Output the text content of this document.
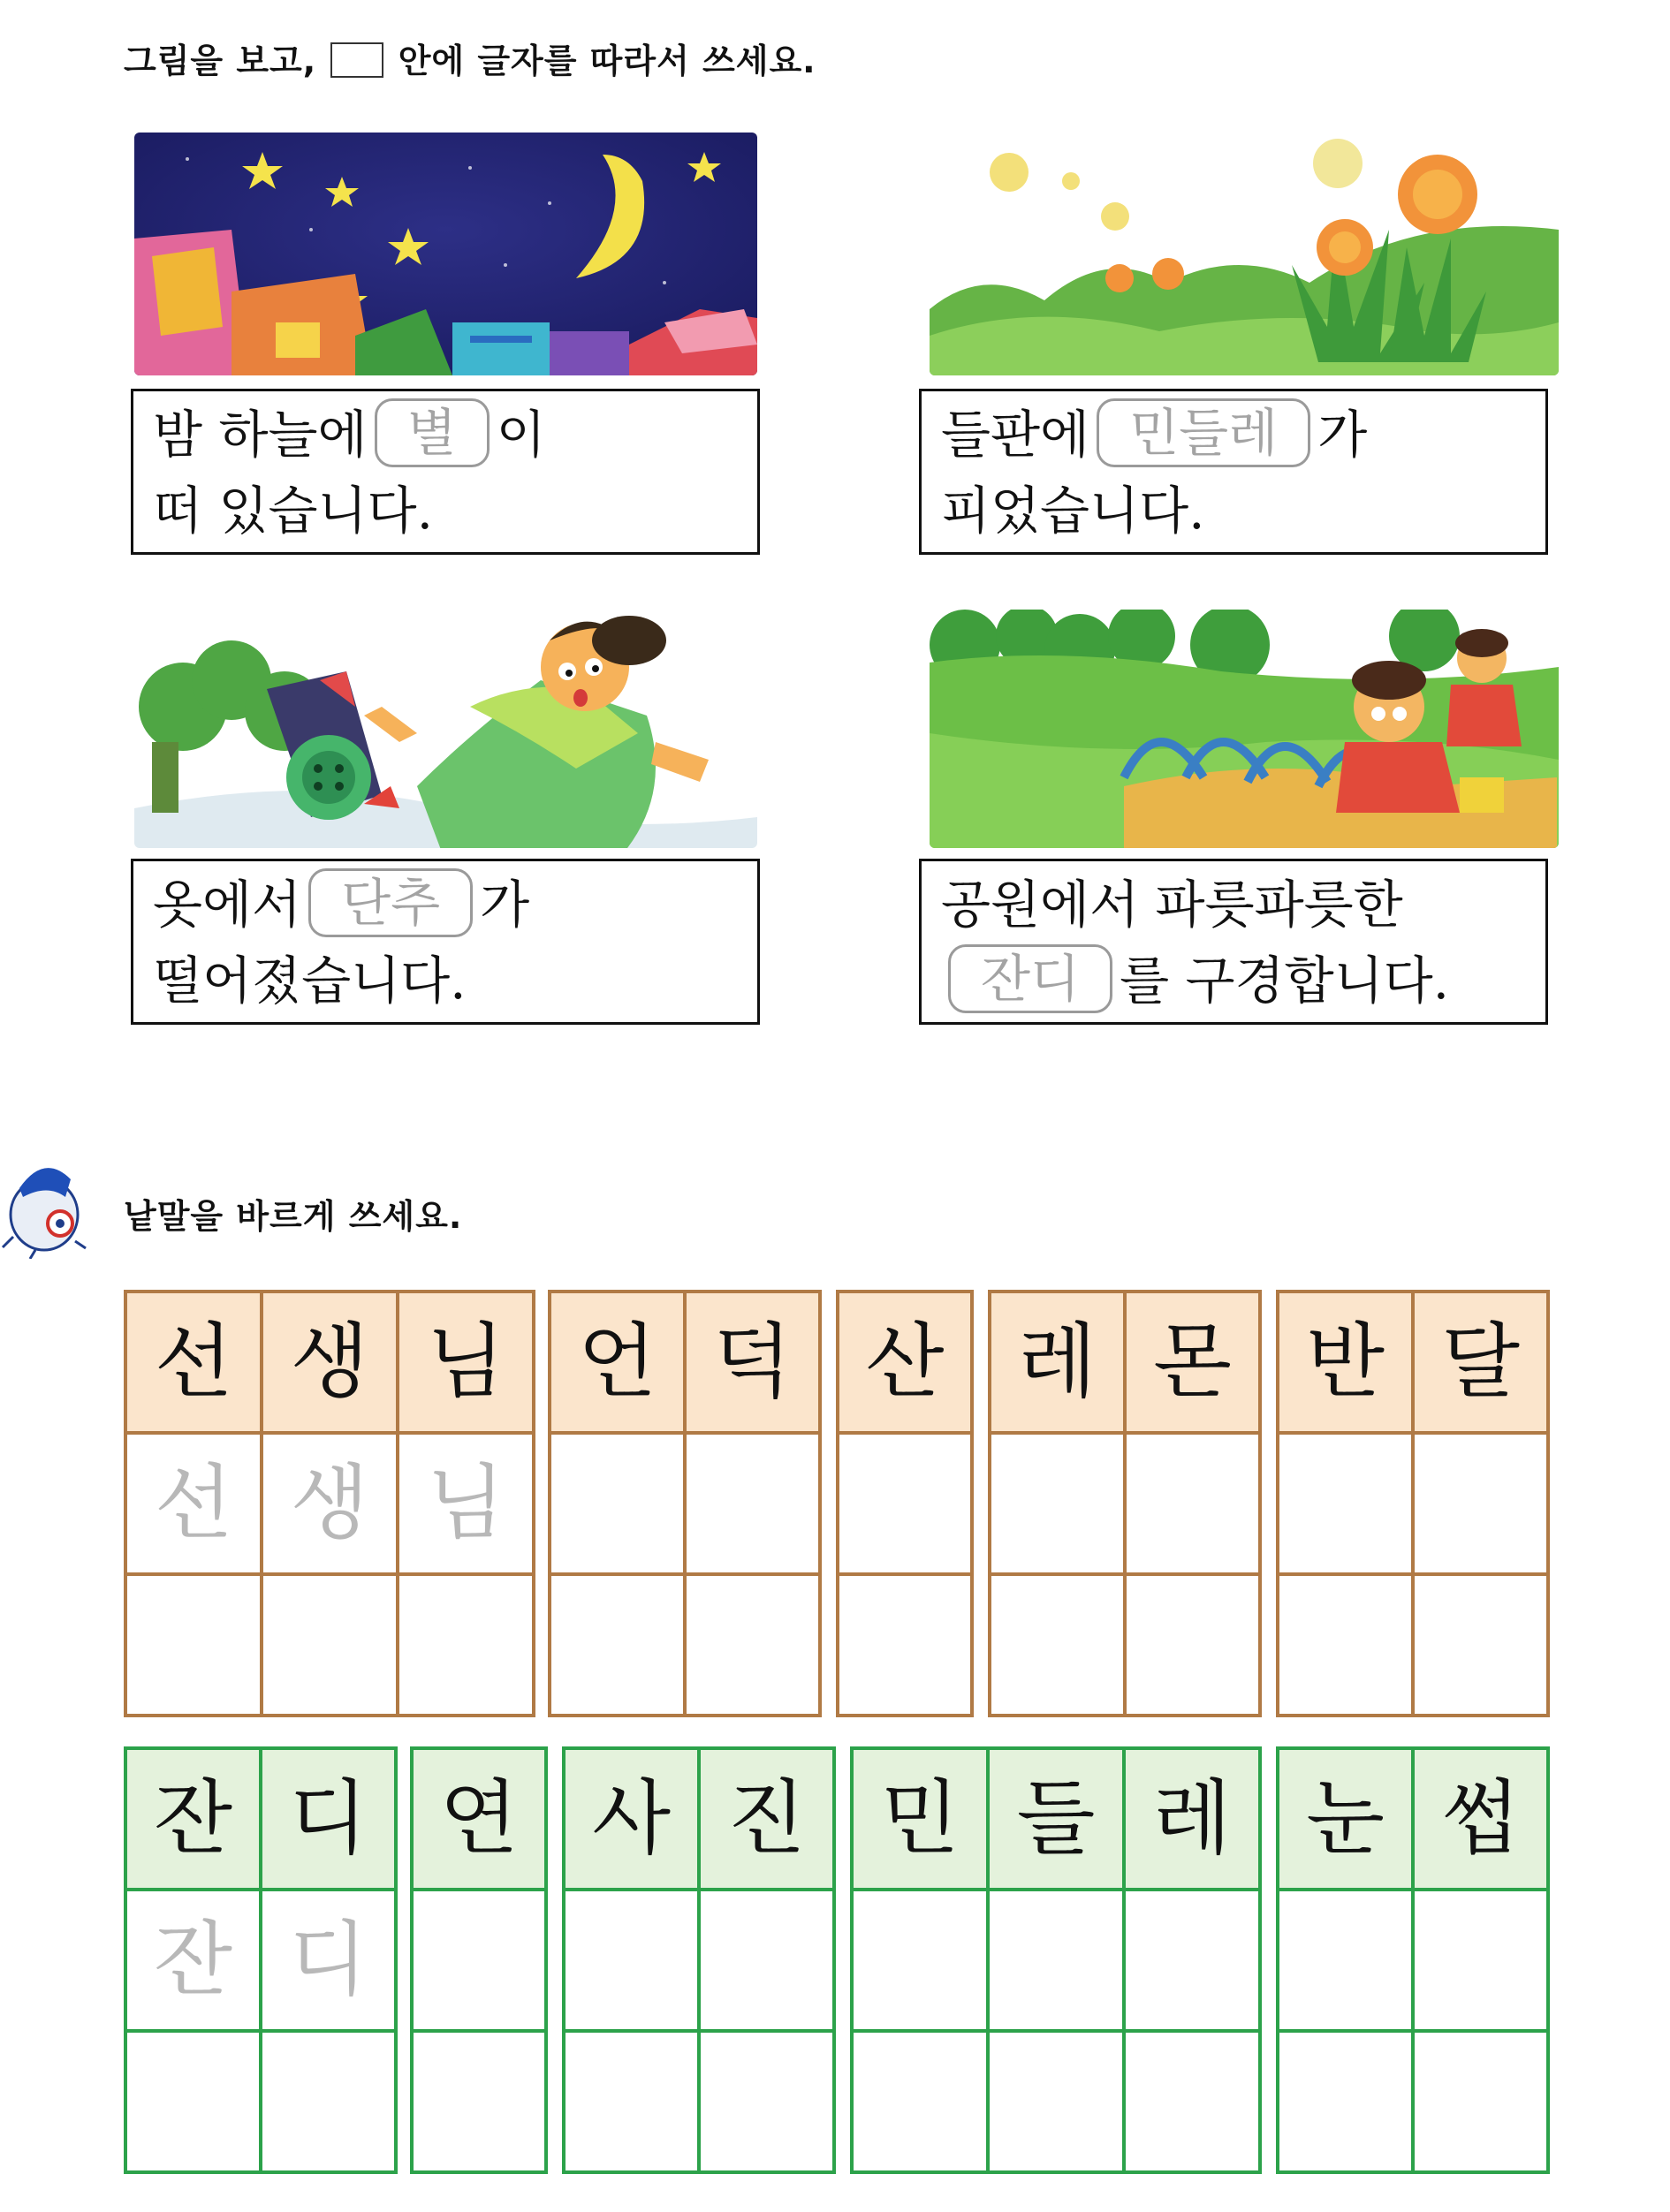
그림을 보고, 안에 글자를 따라서 쓰세요.
밤 하늘에 별 이
떠 있습니다.
들판에 민들레 가
피었습니다.
옷에서 단추 가
떨어졌습니다.
공원에서 파릇파릇한
잔디 를 구경합니다.
낱말을 바르게 쓰세요.
선 생 님
선 생 님
언 덕 산 레 몬 반 달
잔 디
잔 디
연 사 진 민 들 레 눈 썹
